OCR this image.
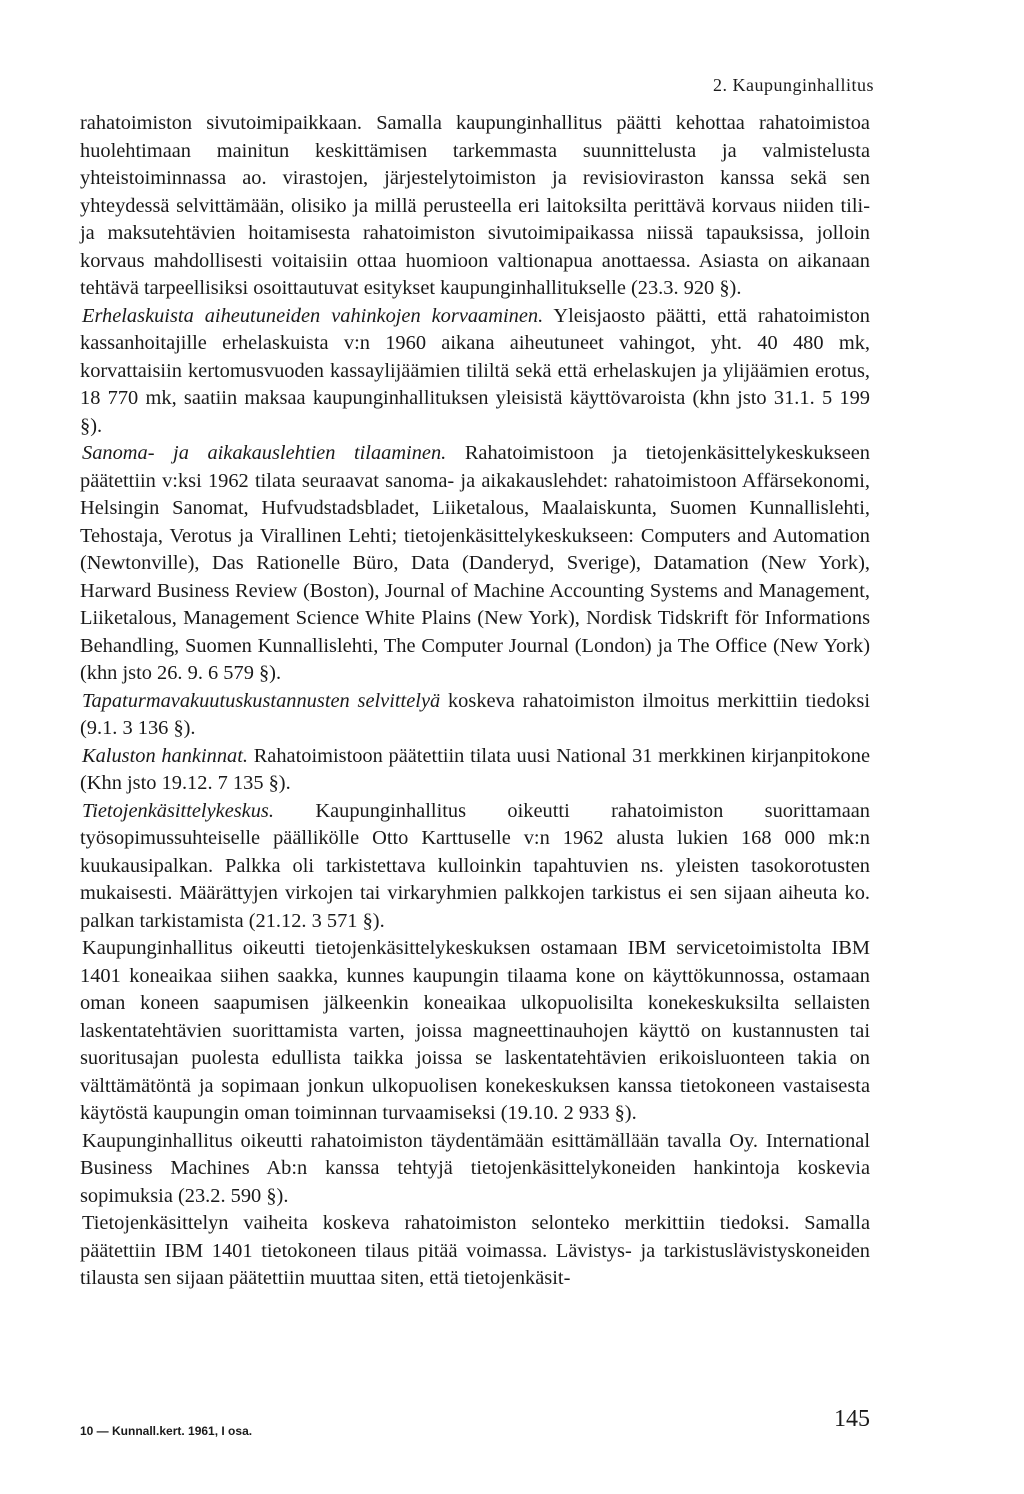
2. Kaupunginhallitus

rahatoimiston sivutoimipaikkaan. Samalla kaupunginhallitus päätti kehottaa rahatoimistoa huolehtimaan mainitun keskittämisen tarkemmasta suunnittelusta ja valmistelusta yhteistoiminnassa ao. virastojen, järjestelytoimiston ja revisioviraston kanssa sekä sen yhteydessä selvittämään, olisiko ja millä perusteella eri laitoksilta perittävä korvaus niiden tili- ja maksutehtävien hoitamisesta rahatoimiston sivutoimipaikassa niissä tapauksissa, jolloin korvaus mahdollisesti voitaisiin ottaa huomioon valtionapua anottaessa. Asiasta on aikanaan tehtävä tarpeellisiksi osoittautuvat esitykset kaupunginhallitukselle (23.3. 920 §).

Erhelaskuista aiheutuneiden vahinkojen korvaaminen. Yleisjaosto päätti, että rahatoimiston kassanhoitajille erhelaskuista v:n 1960 aikana aiheutuneet vahingot, yht. 40 480 mk, korvattaisiin kertomusvuoden kassaylijäämien tililtä sekä että erhelaskujen ja ylijäämien erotus, 18 770 mk, saatiin maksaa kaupunginhallituksen yleisistä käyttövaroista (khn jsto 31.1. 5 199 §).

Sanoma- ja aikakauslehtien tilaaminen. Rahatoimistoon ja tietojenkäsittelykeskukseen päätettiin v:ksi 1962 tilata seuraavat sanoma- ja aikakauslehdet: rahatoimistoon Affärsekonomi, Helsingin Sanomat, Hufvudstadsbladet, Liiketalous, Maalaiskunta, Suomen Kunnallislehti, Tehostaja, Verotus ja Virallinen Lehti; tietojenkäsittelykeskukseen: Computers and Automation (Newtonville), Das Rationelle Büro, Data (Danderyd, Sverige), Datamation (New York), Harward Business Review (Boston), Journal of Machine Accounting Systems and Management, Liiketalous, Management Science White Plains (New York), Nordisk Tidskrift för Informations Behandling, Suomen Kunnallislehti, The Computer Journal (London) ja The Office (New York) (khn jsto 26. 9. 6 579 §).

Tapaturmavakuutuskustannusten selvittelyä koskeva rahatoimiston ilmoitus merkittiin tiedoksi (9.1. 3 136 §).

Kaluston hankinnat. Rahatoimistoon päätettiin tilata uusi National 31 merkkinen kirjanpitokone (Khn jsto 19.12. 7 135 §).

Tietojenkäsittelykeskus. Kaupunginhallitus oikeutti rahatoimiston suorittamaan työsopimussuhteiselle päällikölle Otto Karttuselle v:n 1962 alusta lukien 168 000 mk:n kuukausipalkan. Palkka oli tarkistettava kulloinkin tapahtuvien ns. yleisten tasokorotusten mukaisesti. Määrättyjen virkojen tai virkaryhmien palkkojen tarkistus ei sen sijaan aiheuta ko. palkan tarkistamista (21.12. 3 571 §).

Kaupunginhallitus oikeutti tietojenkäsittelykeskuksen ostamaan IBM servicetoimistolta IBM 1401 koneaikaa siihen saakka, kunnes kaupungin tilaama kone on käyttökunnossa, ostamaan oman koneen saapumisen jälkeenkin koneaikaa ulkopuolisilta konekeskuksilta sellaisten laskentatehtävien suorittamista varten, joissa magneettinauhojen käyttö on kustannusten tai suoritusajan puolesta edullista taikka joissa se laskentatehtävien erikoisluonteen takia on välttämätöntä ja sopimaan jonkun ulkopuolisen konekeskuksen kanssa tietokoneen vastaisesta käytöstä kaupungin oman toiminnan turvaamiseksi (19.10. 2 933 §).

Kaupunginhallitus oikeutti rahatoimiston täydentämään esittämällään tavalla Oy. International Business Machines Ab:n kanssa tehtyjä tietojenkäsittelykoneiden hankintoja koskevia sopimuksia (23.2. 590 §).

Tietojenkäsittelyn vaiheita koskeva rahatoimiston selonteko merkittiin tiedoksi. Samalla päätettiin IBM 1401 tietokoneen tilaus pitää voimassa. Lävistys- ja tarkistuslävistyskoneiden tilausta sen sijaan päätettiin muuttaa siten, että tietojenkäsit-

10 — Kunnall.kert. 1961, I osa.	145
